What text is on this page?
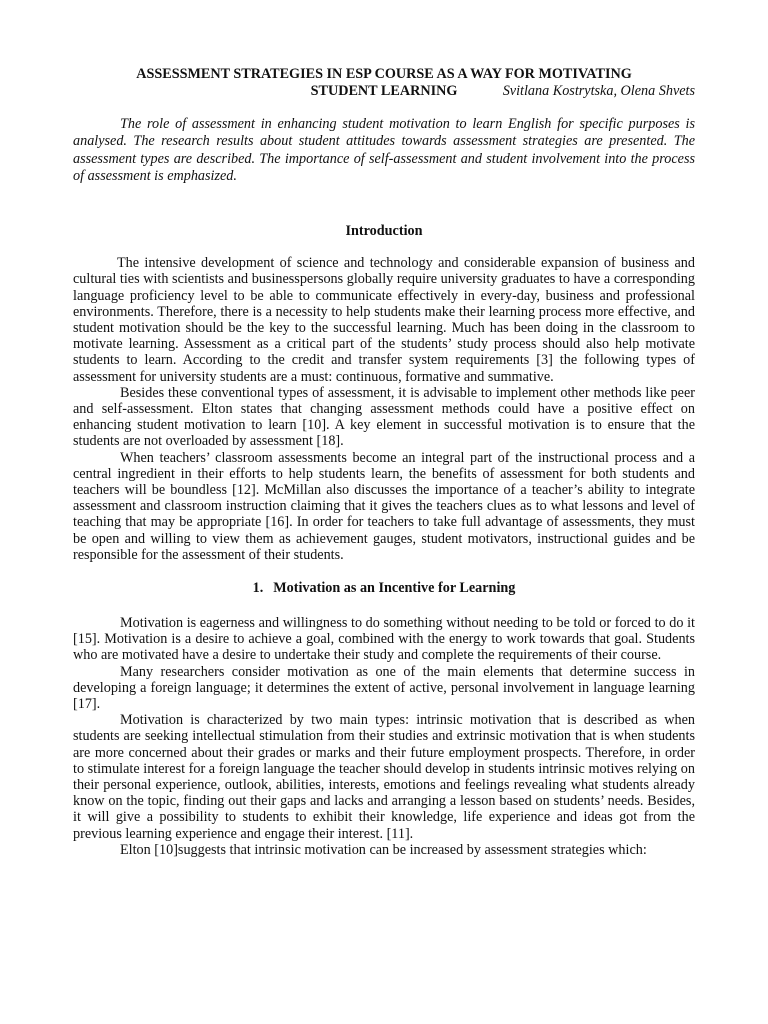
ASSESSMENT STRATEGIES IN ESP COURSE AS A WAY FOR MOTIVATING
STUDENT LEARNING	Svitlana Kostrytska, Olena Shvets

The role of assessment in enhancing student motivation to learn English for specific purposes is analysed. The research results about student attitudes towards assessment strategies are presented. The assessment types are described. The importance of self-assessment and student involvement into the process of assessment is emphasized.

Introduction

The intensive development of science and technology and considerable expansion of business and cultural ties with scientists and businesspersons globally require university graduates to have a corresponding language proficiency level to be able to communicate effectively in every-day, business and professional environments. Therefore, there is a necessity to help students make their learning process more effective, and student motivation should be the key to the successful learning. Much has been doing in the classroom to motivate learning. Assessment as a critical part of the students’ study process should also help motivate students to learn. According to the credit and transfer system requirements [3] the following types of assessment for university students are a must: continuous, formative and summative.

Besides these conventional types of assessment, it is advisable to implement other methods like peer and self-assessment. Elton states that changing assessment methods could have a positive effect on enhancing student motivation to learn [10]. A key element in successful motivation is to ensure that the students are not overloaded by assessment [18].

When teachers’ classroom assessments become an integral part of the instructional process and a central ingredient in their efforts to help students learn, the benefits of assessment for both students and teachers will be boundless [12]. McMillan also discusses the importance of a teacher’s ability to integrate assessment and classroom instruction claiming that it gives the teachers clues as to what lessons and level of teaching that may be appropriate [16]. In order for teachers to take full advantage of assessments, they must be open and willing to view them as achievement gauges, student motivators, instructional guides and be responsible for the assessment of their students.

1. Motivation as an Incentive for Learning

Motivation is eagerness and willingness to do something without needing to be told or forced to do it [15]. Motivation is a desire to achieve a goal, combined with the energy to work towards that goal. Students who are motivated have a desire to undertake their study and complete the requirements of their course.

Many researchers consider motivation as one of the main elements that determine success in developing a foreign language; it determines the extent of active, personal involvement in language learning [17].

Motivation is characterized by two main types: intrinsic motivation that is described as when students are seeking intellectual stimulation from their studies and extrinsic motivation that is when students are more concerned about their grades or marks and their future employment prospects. Therefore, in order to stimulate interest for a foreign language the teacher should develop in students intrinsic motives relying on their personal experience, outlook, abilities, interests, emotions and feelings revealing what students already know on the topic, finding out their gaps and lacks and arranging a lesson based on students’ needs. Besides, it will give a possibility to students to exhibit their knowledge, life experience and ideas got from the previous learning experience and engage their interest. [11].

Elton [10]suggests that intrinsic motivation can be increased by assessment strategies which:
